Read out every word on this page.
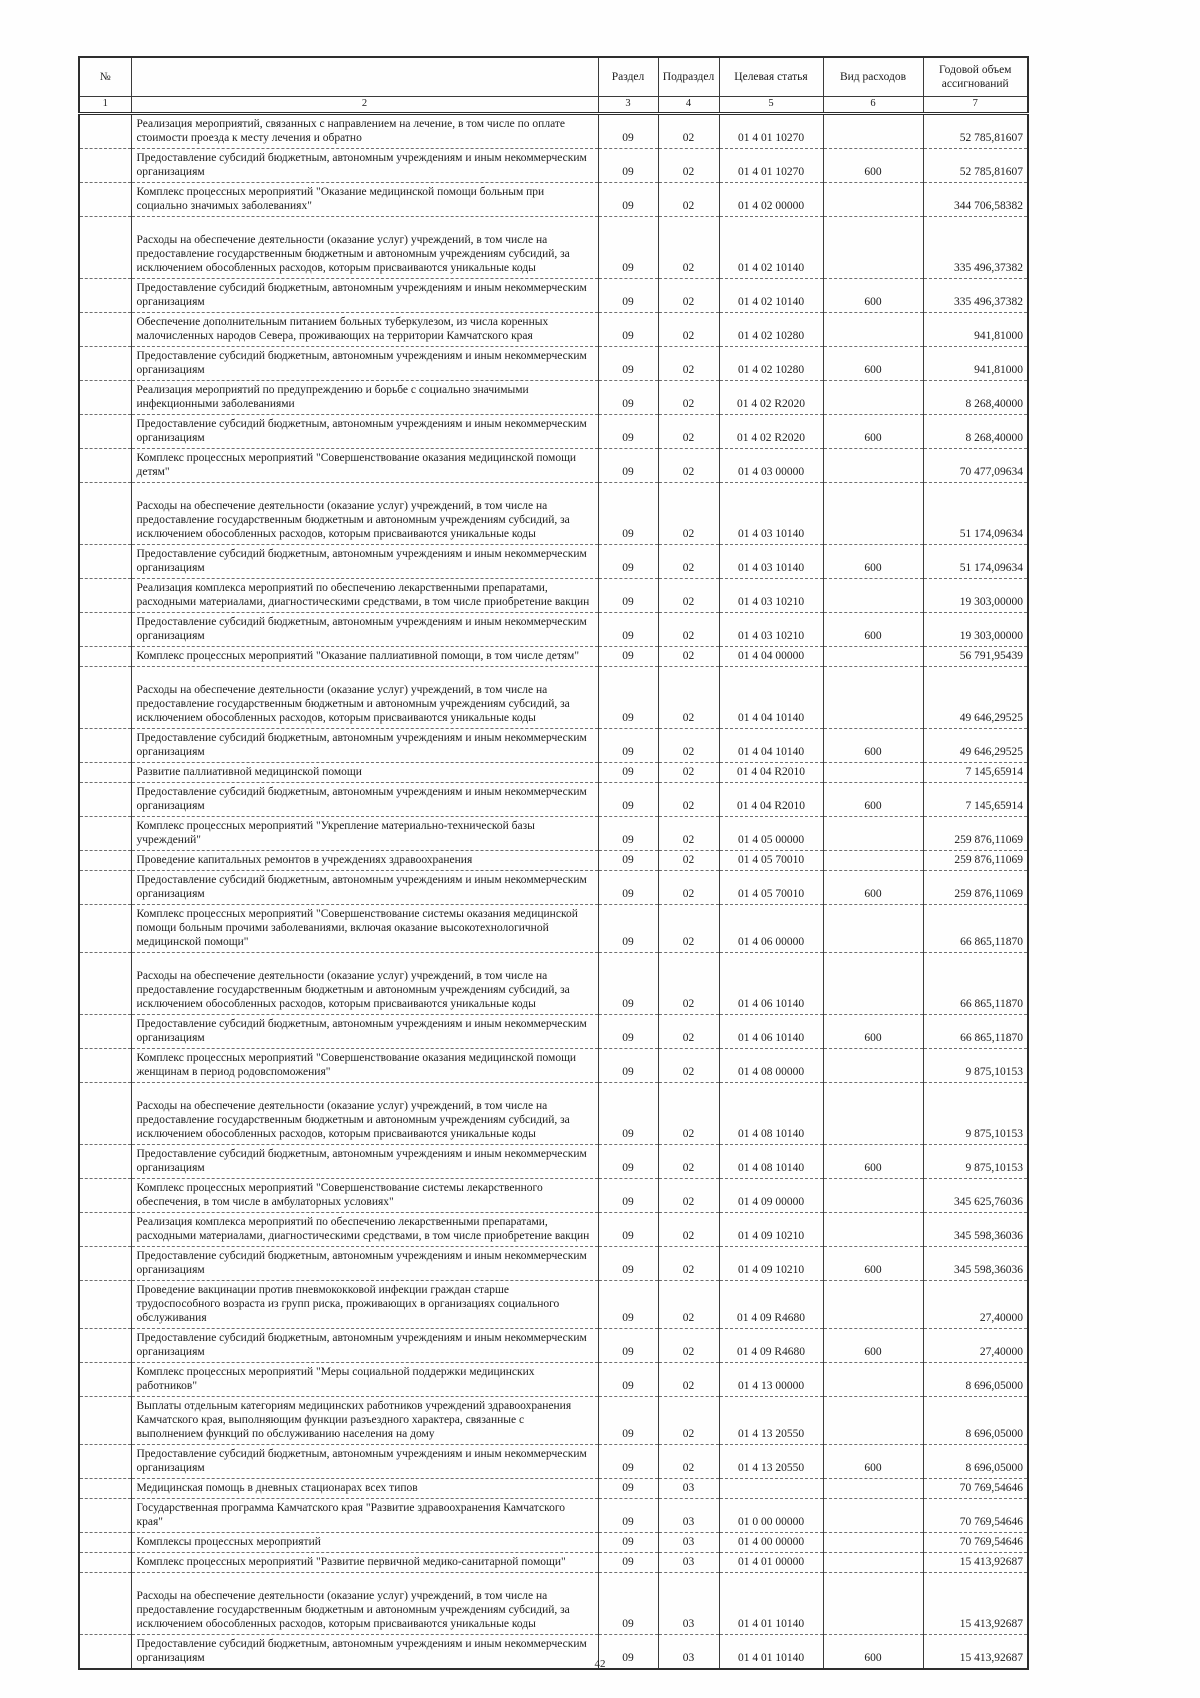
№		Раздел	Подраздел	Целевая статья	Вид расходов	Годовой объем ассигнований
1	2	3	4	5	6	7
	Реализация мероприятий, связанных с направлением на лечение, в том числе по оплате стоимости проезда к месту лечения и обратно	09	02	01 4 01 10270		52 785,81607
	Предоставление субсидий бюджетным, автономным учреждениям и иным некоммерческим организациям	09	02	01 4 01 10270	600	52 785,81607
	Комплекс процессных мероприятий "Оказание медицинской помощи больным при социально значимых заболеваниях"	09	02	01 4 02 00000		344 706,58382
	Расходы на обеспечение деятельности (оказание услуг) учреждений, в том числе на предоставление государственным бюджетным и автономным учреждениям субсидий, за исключением обособленных расходов, которым присваиваются уникальные коды	09	02	01 4 02 10140		335 496,37382
	Предоставление субсидий бюджетным, автономным учреждениям и иным некоммерческим организациям	09	02	01 4 02 10140	600	335 496,37382
	Обеспечение дополнительным питанием больных туберкулезом, из числа коренных малочисленных народов Севера, проживающих на территории Камчатского края	09	02	01 4 02 10280		941,81000
	Предоставление субсидий бюджетным, автономным учреждениям и иным некоммерческим организациям	09	02	01 4 02 10280	600	941,81000
	Реализация мероприятий по предупреждению и борьбе с социально значимыми инфекционными заболеваниями	09	02	01 4 02 R2020		8 268,40000
	Предоставление субсидий бюджетным, автономным учреждениям и иным некоммерческим организациям	09	02	01 4 02 R2020	600	8 268,40000
	Комплекс процессных мероприятий "Совершенствование оказания медицинской помощи детям"	09	02	01 4 03 00000		70 477,09634
	Расходы на обеспечение деятельности (оказание услуг) учреждений, в том числе на предоставление государственным бюджетным и автономным учреждениям субсидий, за исключением обособленных расходов, которым присваиваются уникальные коды	09	02	01 4 03 10140		51 174,09634
	Предоставление субсидий бюджетным, автономным учреждениям и иным некоммерческим организациям	09	02	01 4 03 10140	600	51 174,09634
	Реализация комплекса мероприятий по обеспечению лекарственными препаратами, расходными материалами, диагностическими средствами, в том числе приобретение вакцин	09	02	01 4 03 10210		19 303,00000
	Предоставление субсидий бюджетным, автономным учреждениям и иным некоммерческим организациям	09	02	01 4 03 10210	600	19 303,00000
	Комплекс процессных мероприятий "Оказание паллиативной помощи, в том числе детям"	09	02	01 4 04 00000		56 791,95439
	Расходы на обеспечение деятельности (оказание услуг) учреждений, в том числе на предоставление государственным бюджетным и автономным учреждениям субсидий, за исключением обособленных расходов, которым присваиваются уникальные коды	09	02	01 4 04 10140		49 646,29525
	Предоставление субсидий бюджетным, автономным учреждениям и иным некоммерческим организациям	09	02	01 4 04 10140	600	49 646,29525
	Развитие паллиативной медицинской помощи	09	02	01 4 04 R2010		7 145,65914
	Предоставление субсидий бюджетным, автономным учреждениям и иным некоммерческим организациям	09	02	01 4 04 R2010	600	7 145,65914
	Комплекс процессных мероприятий "Укрепление материально-технической базы учреждений"	09	02	01 4 05 00000		259 876,11069
	Проведение капитальных ремонтов в учреждениях здравоохранения	09	02	01 4 05 70010		259 876,11069
	Предоставление субсидий бюджетным, автономным учреждениям и иным некоммерческим организациям	09	02	01 4 05 70010	600	259 876,11069
	Комплекс процессных мероприятий "Совершенствование системы оказания медицинской помощи больным прочими заболеваниями, включая оказание высокотехнологичной медицинской помощи"	09	02	01 4 06 00000		66 865,11870
	Расходы на обеспечение деятельности (оказание услуг) учреждений, в том числе на предоставление государственным бюджетным и автономным учреждениям субсидий, за исключением обособленных расходов, которым присваиваются уникальные коды	09	02	01 4 06 10140		66 865,11870
	Предоставление субсидий бюджетным, автономным учреждениям и иным некоммерческим организациям	09	02	01 4 06 10140	600	66 865,11870
	Комплекс процессных мероприятий "Совершенствование оказания медицинской помощи женщинам в период родовспоможения"	09	02	01 4 08 00000		9 875,10153
	Расходы на обеспечение деятельности (оказание услуг) учреждений, в том числе на предоставление государственным бюджетным и автономным учреждениям субсидий, за исключением обособленных расходов, которым присваиваются уникальные коды	09	02	01 4 08 10140		9 875,10153
	Предоставление субсидий бюджетным, автономным учреждениям и иным некоммерческим организациям	09	02	01 4 08 10140	600	9 875,10153
	Комплекс процессных мероприятий "Совершенствование системы лекарственного обеспечения, в том числе в амбулаторных условиях"	09	02	01 4 09 00000		345 625,76036
	Реализация комплекса мероприятий по обеспечению лекарственными препаратами, расходными материалами, диагностическими средствами, в том числе приобретение вакцин	09	02	01 4 09 10210		345 598,36036
	Предоставление субсидий бюджетным, автономным учреждениям и иным некоммерческим организациям	09	02	01 4 09 10210	600	345 598,36036
	Проведение вакцинации против пневмококковой инфекции граждан старше трудоспособного возраста из групп риска, проживающих в организациях социального обслуживания	09	02	01 4 09 R4680		27,40000
	Предоставление субсидий бюджетным, автономным учреждениям и иным некоммерческим организациям	09	02	01 4 09 R4680	600	27,40000
	Комплекс процессных мероприятий "Меры социальной поддержки медицинских работников"	09	02	01 4 13 00000		8 696,05000
	Выплаты отдельным категориям медицинских работников учреждений здравоохранения Камчатского края, выполняющим функции разъездного характера, связанные с выполнением функций по обслуживанию населения на дому	09	02	01 4 13 20550		8 696,05000
	Предоставление субсидий бюджетным, автономным учреждениям и иным некоммерческим организациям	09	02	01 4 13 20550	600	8 696,05000
	Медицинская помощь в дневных стационарах всех типов	09	03			70 769,54646
	Государственная программа Камчатского края "Развитие здравоохранения Камчатского края"	09	03	01 0 00 00000		70 769,54646
	Комплексы процессных мероприятий	09	03	01 4 00 00000		70 769,54646
	Комплекс процессных мероприятий "Развитие первичной медико-санитарной помощи"	09	03	01 4 01 00000		15 413,92687
	Расходы на обеспечение деятельности (оказание услуг) учреждений, в том числе на предоставление государственным бюджетным и автономным учреждениям субсидий, за исключением обособленных расходов, которым присваиваются уникальные коды	09	03	01 4 01 10140		15 413,92687
	Предоставление субсидий бюджетным, автономным учреждениям и иным некоммерческим организациям	09	03	01 4 01 10140	600	15 413,92687
42
